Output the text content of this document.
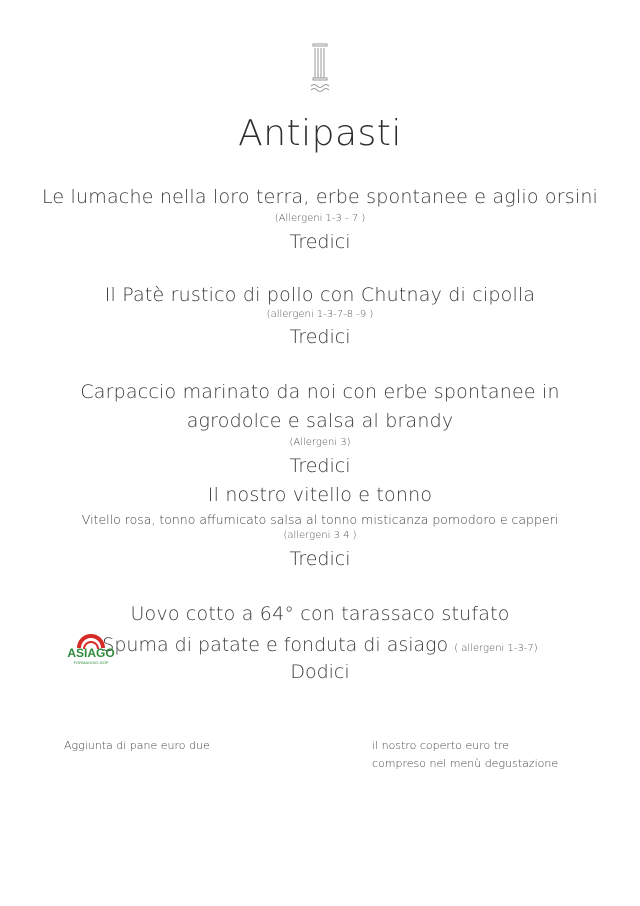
Antipasti
Le lumache nella loro terra, erbe spontanee e aglio orsini
(Allergeni 1-3 - 7 )
Tredici
Il Patè rustico di pollo con Chutnay di cipolla
(allergeni 1-3-7-8 -9 )
Tredici
Carpaccio marinato da noi con erbe spontanee in
agrodolce e salsa al brandy
(Allergeni 3)
Tredici
Il nostro vitello e tonno
Vitello rosa, tonno affumicato salsa al tonno misticanza pomodoro e capperi
(allergeni 3 4 )
Tredici
Uovo cotto a 64° con tarassaco stufato
Spuma di patate e fonduta di asiago ( allergeni 1-3-7)
Dodici
ASIAGO
FORMAGGIO DOP
Aggiunta di pane euro due	il nostro coperto euro tre
compreso nel menù degustazione
